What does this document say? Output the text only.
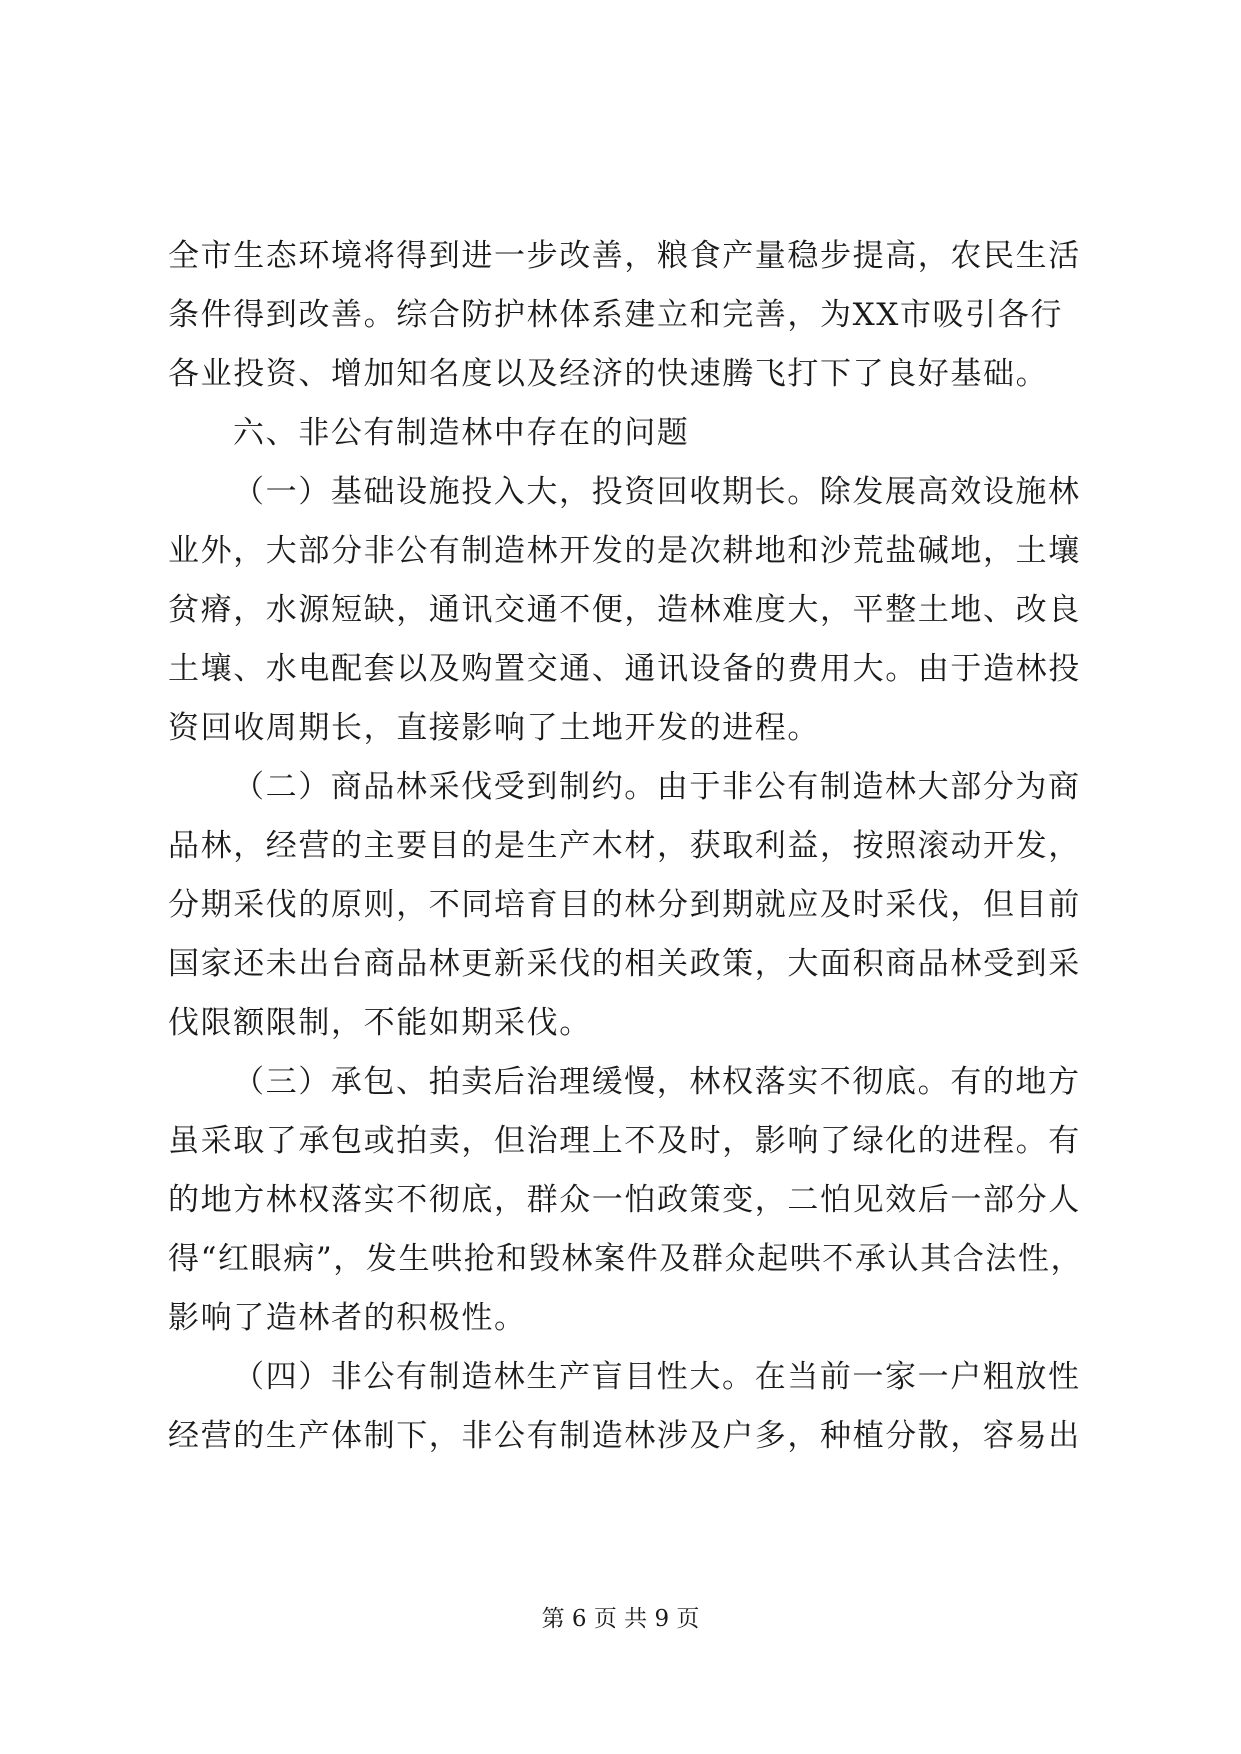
全市生态环境将得到进一步改善，粮食产量稳步提高，农民生活
条件得到改善。综合防护林体系建立和完善，为XX市吸引各行
各业投资、增加知名度以及经济的快速腾飞打下了良好基础。
六、非公有制造林中存在的问题
（一）基础设施投入大，投资回收期长。除发展高效设施林
业外，大部分非公有制造林开发的是次耕地和沙荒盐碱地，土壤
贫瘠，水源短缺，通讯交通不便，造林难度大，平整土地、改良
土壤、水电配套以及购置交通、通讯设备的费用大。由于造林投
资回收周期长，直接影响了土地开发的进程。
（二）商品林采伐受到制约。由于非公有制造林大部分为商
品林，经营的主要目的是生产木材，获取利益，按照滚动开发，
分期采伐的原则，不同培育目的林分到期就应及时采伐，但目前
国家还未出台商品林更新采伐的相关政策，大面积商品林受到采
伐限额限制，不能如期采伐。
（三）承包、拍卖后治理缓慢，林权落实不彻底。有的地方
虽采取了承包或拍卖，但治理上不及时，影响了绿化的进程。有
的地方林权落实不彻底，群众一怕政策变，二怕见效后一部分人
得“红眼病”，发生哄抢和毁林案件及群众起哄不承认其合法性，
影响了造林者的积极性。
（四）非公有制造林生产盲目性大。在当前一家一户粗放性
经营的生产体制下，非公有制造林涉及户多，种植分散，容易出
第 6 页 共 9 页
